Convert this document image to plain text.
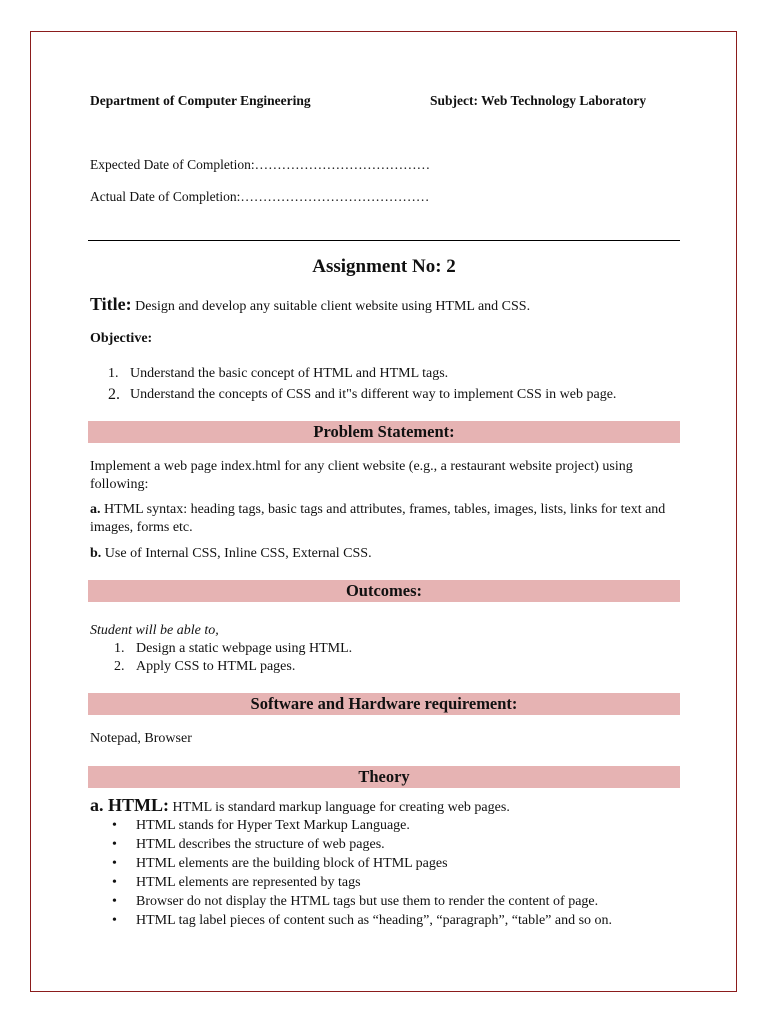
Department of Computer Engineering	Subject: Web Technology Laboratory
Expected Date of Completion:…………………………………
Actual Date of Completion:……………………………………
Assignment No: 2
Title: Design and develop any suitable client website using HTML and CSS.
Objective:
1. Understand the basic concept of HTML and HTML tags.
2. Understand the concepts of CSS and it"s different way to implement CSS in web page.
Problem Statement:
Implement a web page index.html for any client website (e.g., a restaurant website project) using following:
a. HTML syntax: heading tags, basic tags and attributes, frames, tables, images, lists, links for text and images, forms etc.
b. Use of Internal CSS, Inline CSS, External CSS.
Outcomes:
Student will be able to,
1. Design a static webpage using HTML.
2. Apply CSS to HTML pages.
Software and Hardware requirement:
Notepad, Browser
Theory
a. HTML: HTML is standard markup language for creating web pages.
• HTML stands for Hyper Text Markup Language.
• HTML describes the structure of web pages.
• HTML elements are the building block of HTML pages
• HTML elements are represented by tags
• Browser do not display the HTML tags but use them to render the content of page.
• HTML tag label pieces of content such as “heading”, “paragraph”, “table” and so on.
